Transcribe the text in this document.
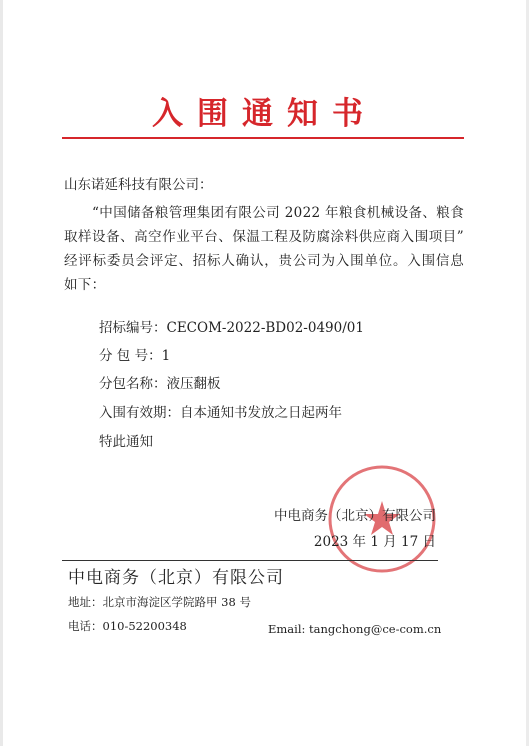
入围通知书
山东诺延科技有限公司：
“中国储备粮管理集团有限公司 2022 年粮食机械设备、粮食取样设备、高空作业平台、保温工程及防腐涂料供应商入围项目” 经评标委员会评定、招标人确认，贵公司为入围单位。入围信息如下：
招标编号：CECOM-2022-BD02-0490/01
分 包 号：1
分包名称：液压翻板
入围有效期：自本通知书发放之日起两年
特此通知
中电商务（北京）有限公司
2023 年 1 月 17 日
中电商务（北京）有限公司
地址：北京市海淀区学院路甲 38 号
电话：010-52200348	Email: tangchong@ce-com.cn
